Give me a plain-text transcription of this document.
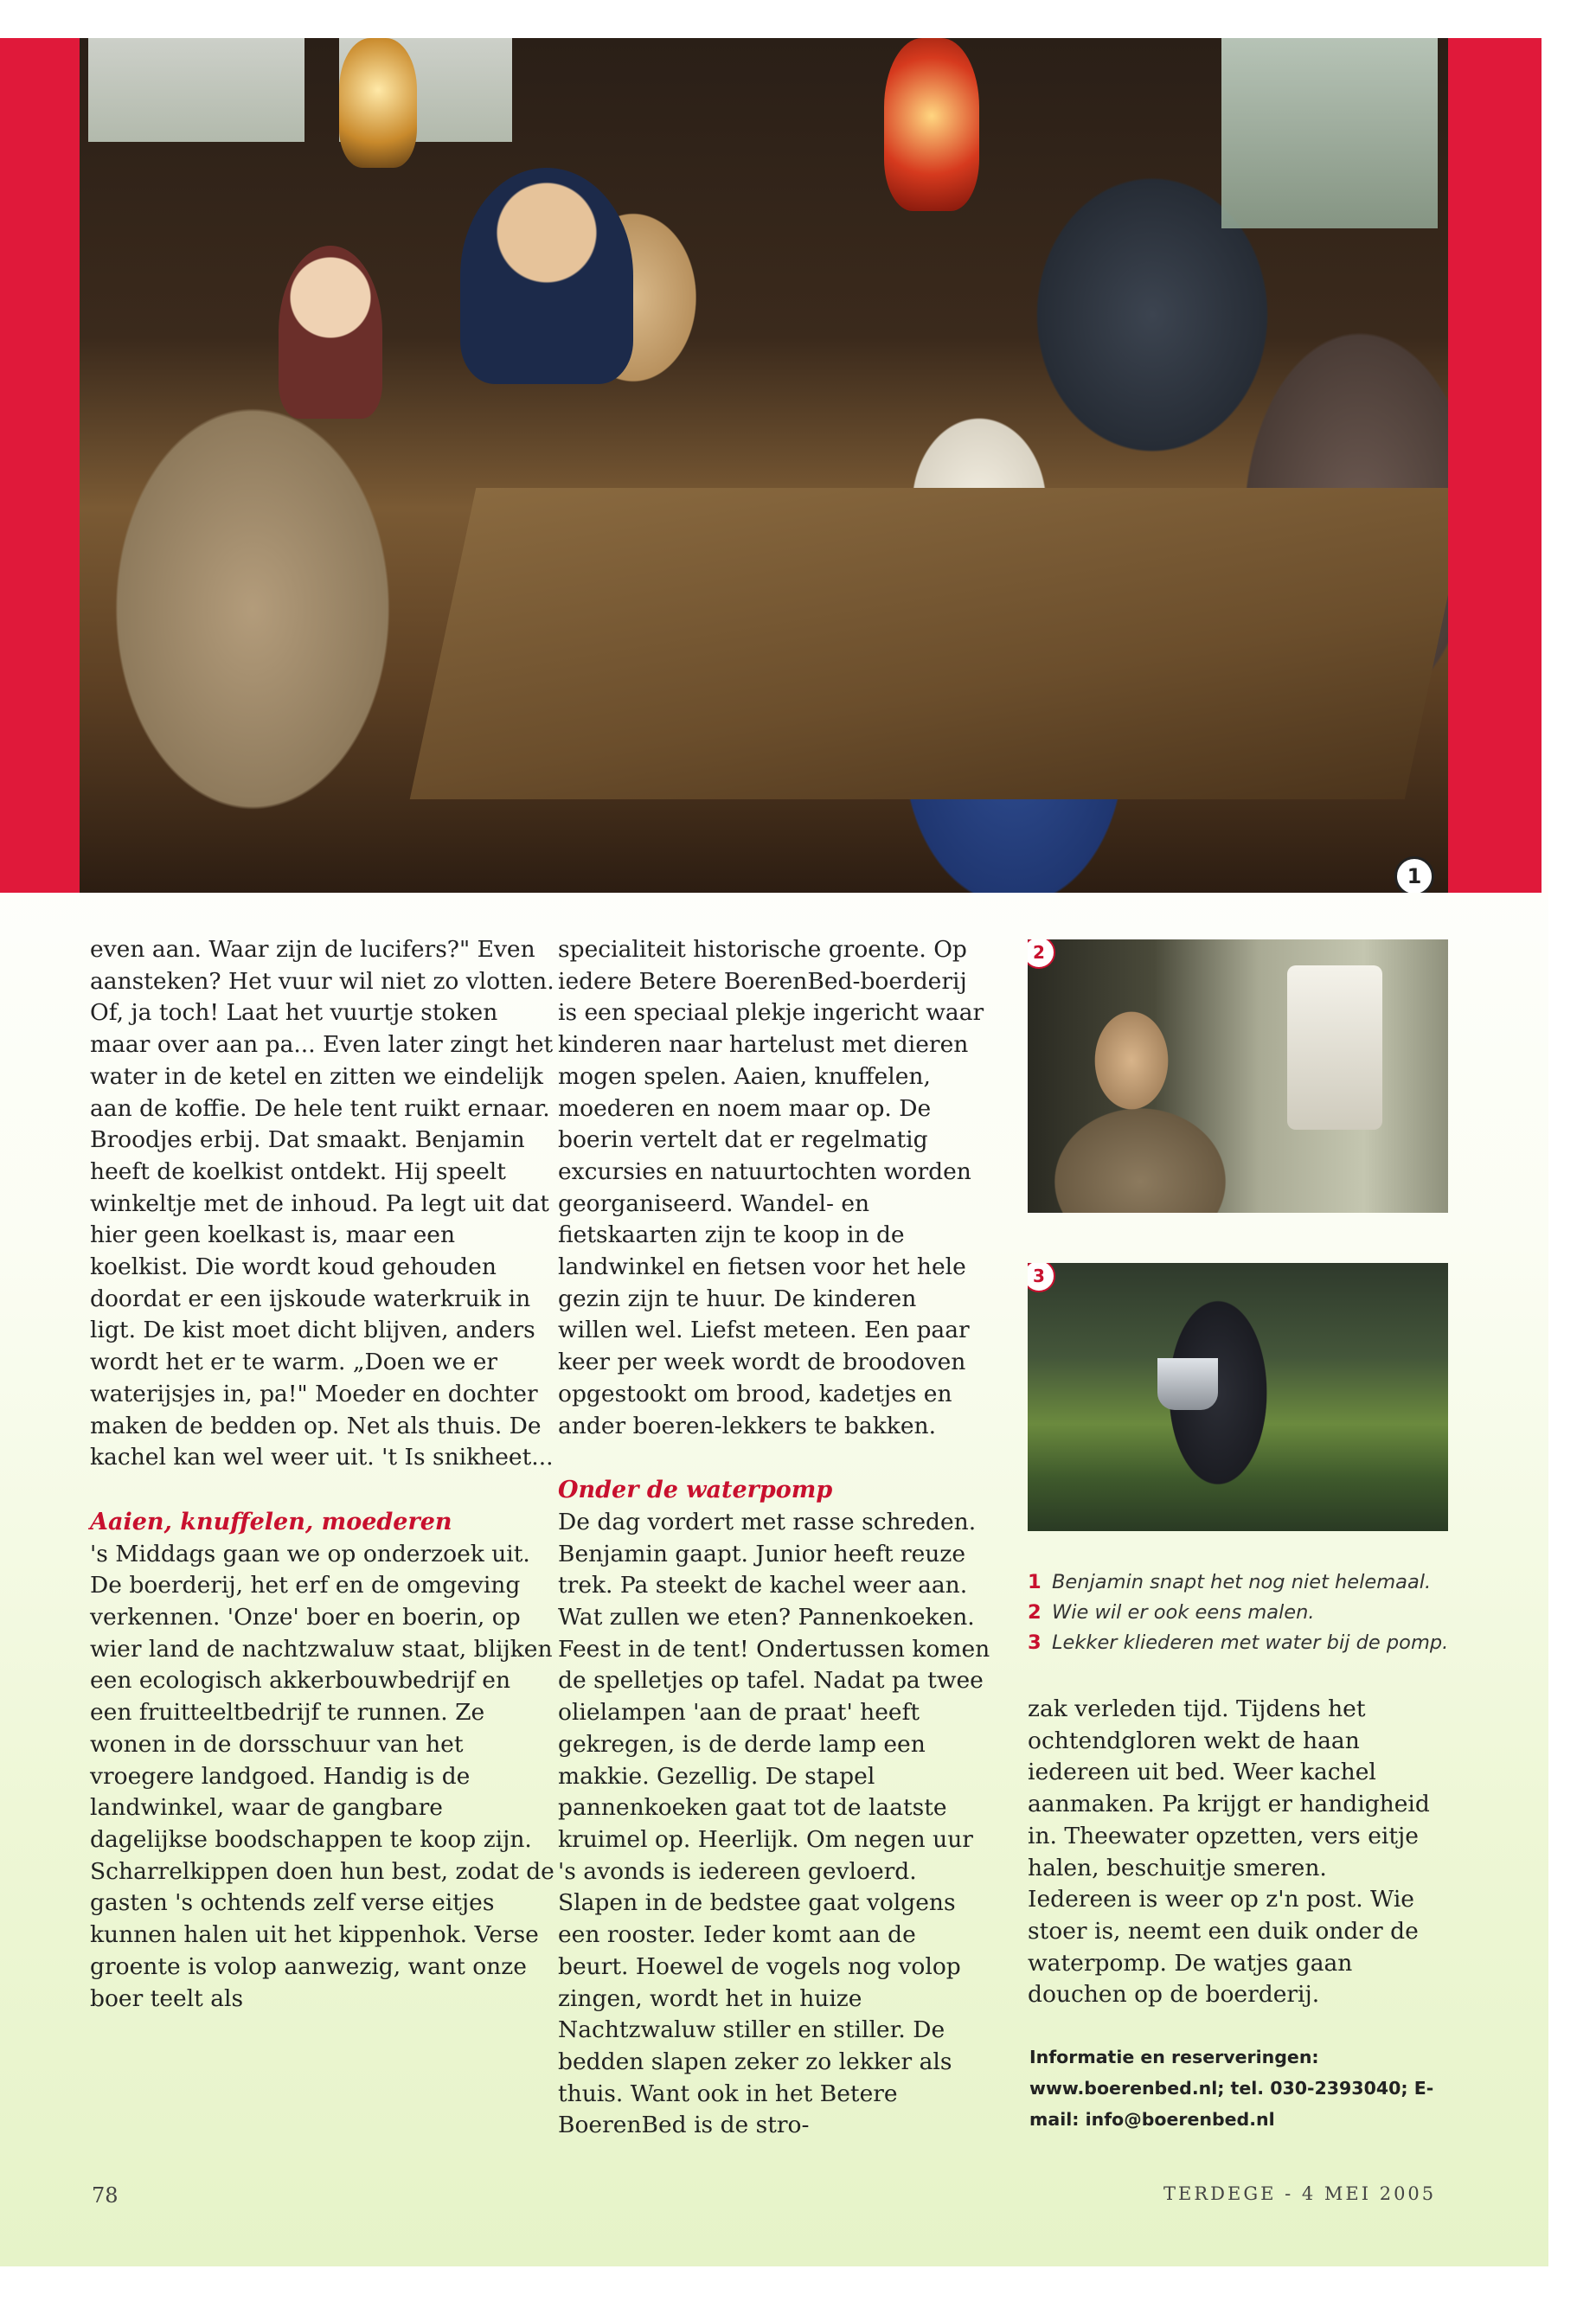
1

even aan. Waar zijn de lucifers?" Even aansteken? Het vuur wil niet zo vlotten. Of, ja toch! Laat het vuurtje stoken maar over aan pa... Even later zingt het water in de ketel en zitten we eindelijk aan de koffie. De hele tent ruikt ernaar. Broodjes erbij. Dat smaakt. Benjamin heeft de koelkist ontdekt. Hij speelt winkeltje met de inhoud. Pa legt uit dat hier geen koelkast is, maar een koelkist. Die wordt koud gehouden doordat er een ijskoude waterkruik in ligt. De kist moet dicht blijven, anders wordt het er te warm. „Doen we er waterijsjes in, pa!" Moeder en dochter maken de bedden op. Net als thuis. De kachel kan wel weer uit. 't Is snikheet...

Aaien, knuffelen, moederen

's Middags gaan we op onderzoek uit. De boerderij, het erf en de omgeving verkennen. 'Onze' boer en boerin, op wier land de nachtzwaluw staat, blijken een ecologisch akkerbouwbedrijf en een fruitteeltbedrijf te runnen. Ze wonen in de dorsschuur van het vroegere landgoed. Handig is de landwinkel, waar de gangbare dagelijkse boodschappen te koop zijn. Scharrelkippen doen hun best, zodat de gasten 's ochtends zelf verse eitjes kunnen halen uit het kippenhok. Verse groente is volop aanwezig, want onze boer teelt als

specialiteit historische groente. Op iedere Betere BoerenBed-boerderij is een speciaal plekje ingericht waar kinderen naar hartelust met dieren mogen spelen. Aaien, knuffelen, moederen en noem maar op. De boerin vertelt dat er regelmatig excursies en natuurtochten worden georganiseerd. Wandel- en fietskaarten zijn te koop in de landwinkel en fietsen voor het hele gezin zijn te huur. De kinderen willen wel. Liefst meteen. Een paar keer per week wordt de broodoven opgestookt om brood, kadetjes en ander boeren-lekkers te bakken.

Onder de waterpomp

De dag vordert met rasse schreden. Benjamin gaapt. Junior heeft reuze trek. Pa steekt de kachel weer aan. Wat zullen we eten? Pannenkoeken. Feest in de tent! Ondertussen komen de spelletjes op tafel. Nadat pa twee olielampen 'aan de praat' heeft gekregen, is de derde lamp een makkie. Gezellig. De stapel pannenkoeken gaat tot de laatste kruimel op. Heerlijk. Om negen uur 's avonds is iedereen gevloerd. Slapen in de bedstee gaat volgens een rooster. Ieder komt aan de beurt. Hoewel de vogels nog volop zingen, wordt het in huize Nachtzwaluw stiller en stiller. De bedden slapen zeker zo lekker als thuis. Want ook in het Betere BoerenBed is de stro-

2
3
1 Benjamin snapt het nog niet helemaal.
2 Wie wil er ook eens malen.
3 Lekker kliederen met water bij de pomp.

zak verleden tijd. Tijdens het ochtendgloren wekt de haan iedereen uit bed. Weer kachel aanmaken. Pa krijgt er handigheid in. Theewater opzetten, vers eitje halen, beschuitje smeren. Iedereen is weer op z'n post. Wie stoer is, neemt een duik onder de waterpomp. De watjes gaan douchen op de boerderij.

Informatie en reserveringen: www.boerenbed.nl; tel. 030-2393040; E-mail: info@boerenbed.nl
78	TERDEGE - 4 MEI 2005
